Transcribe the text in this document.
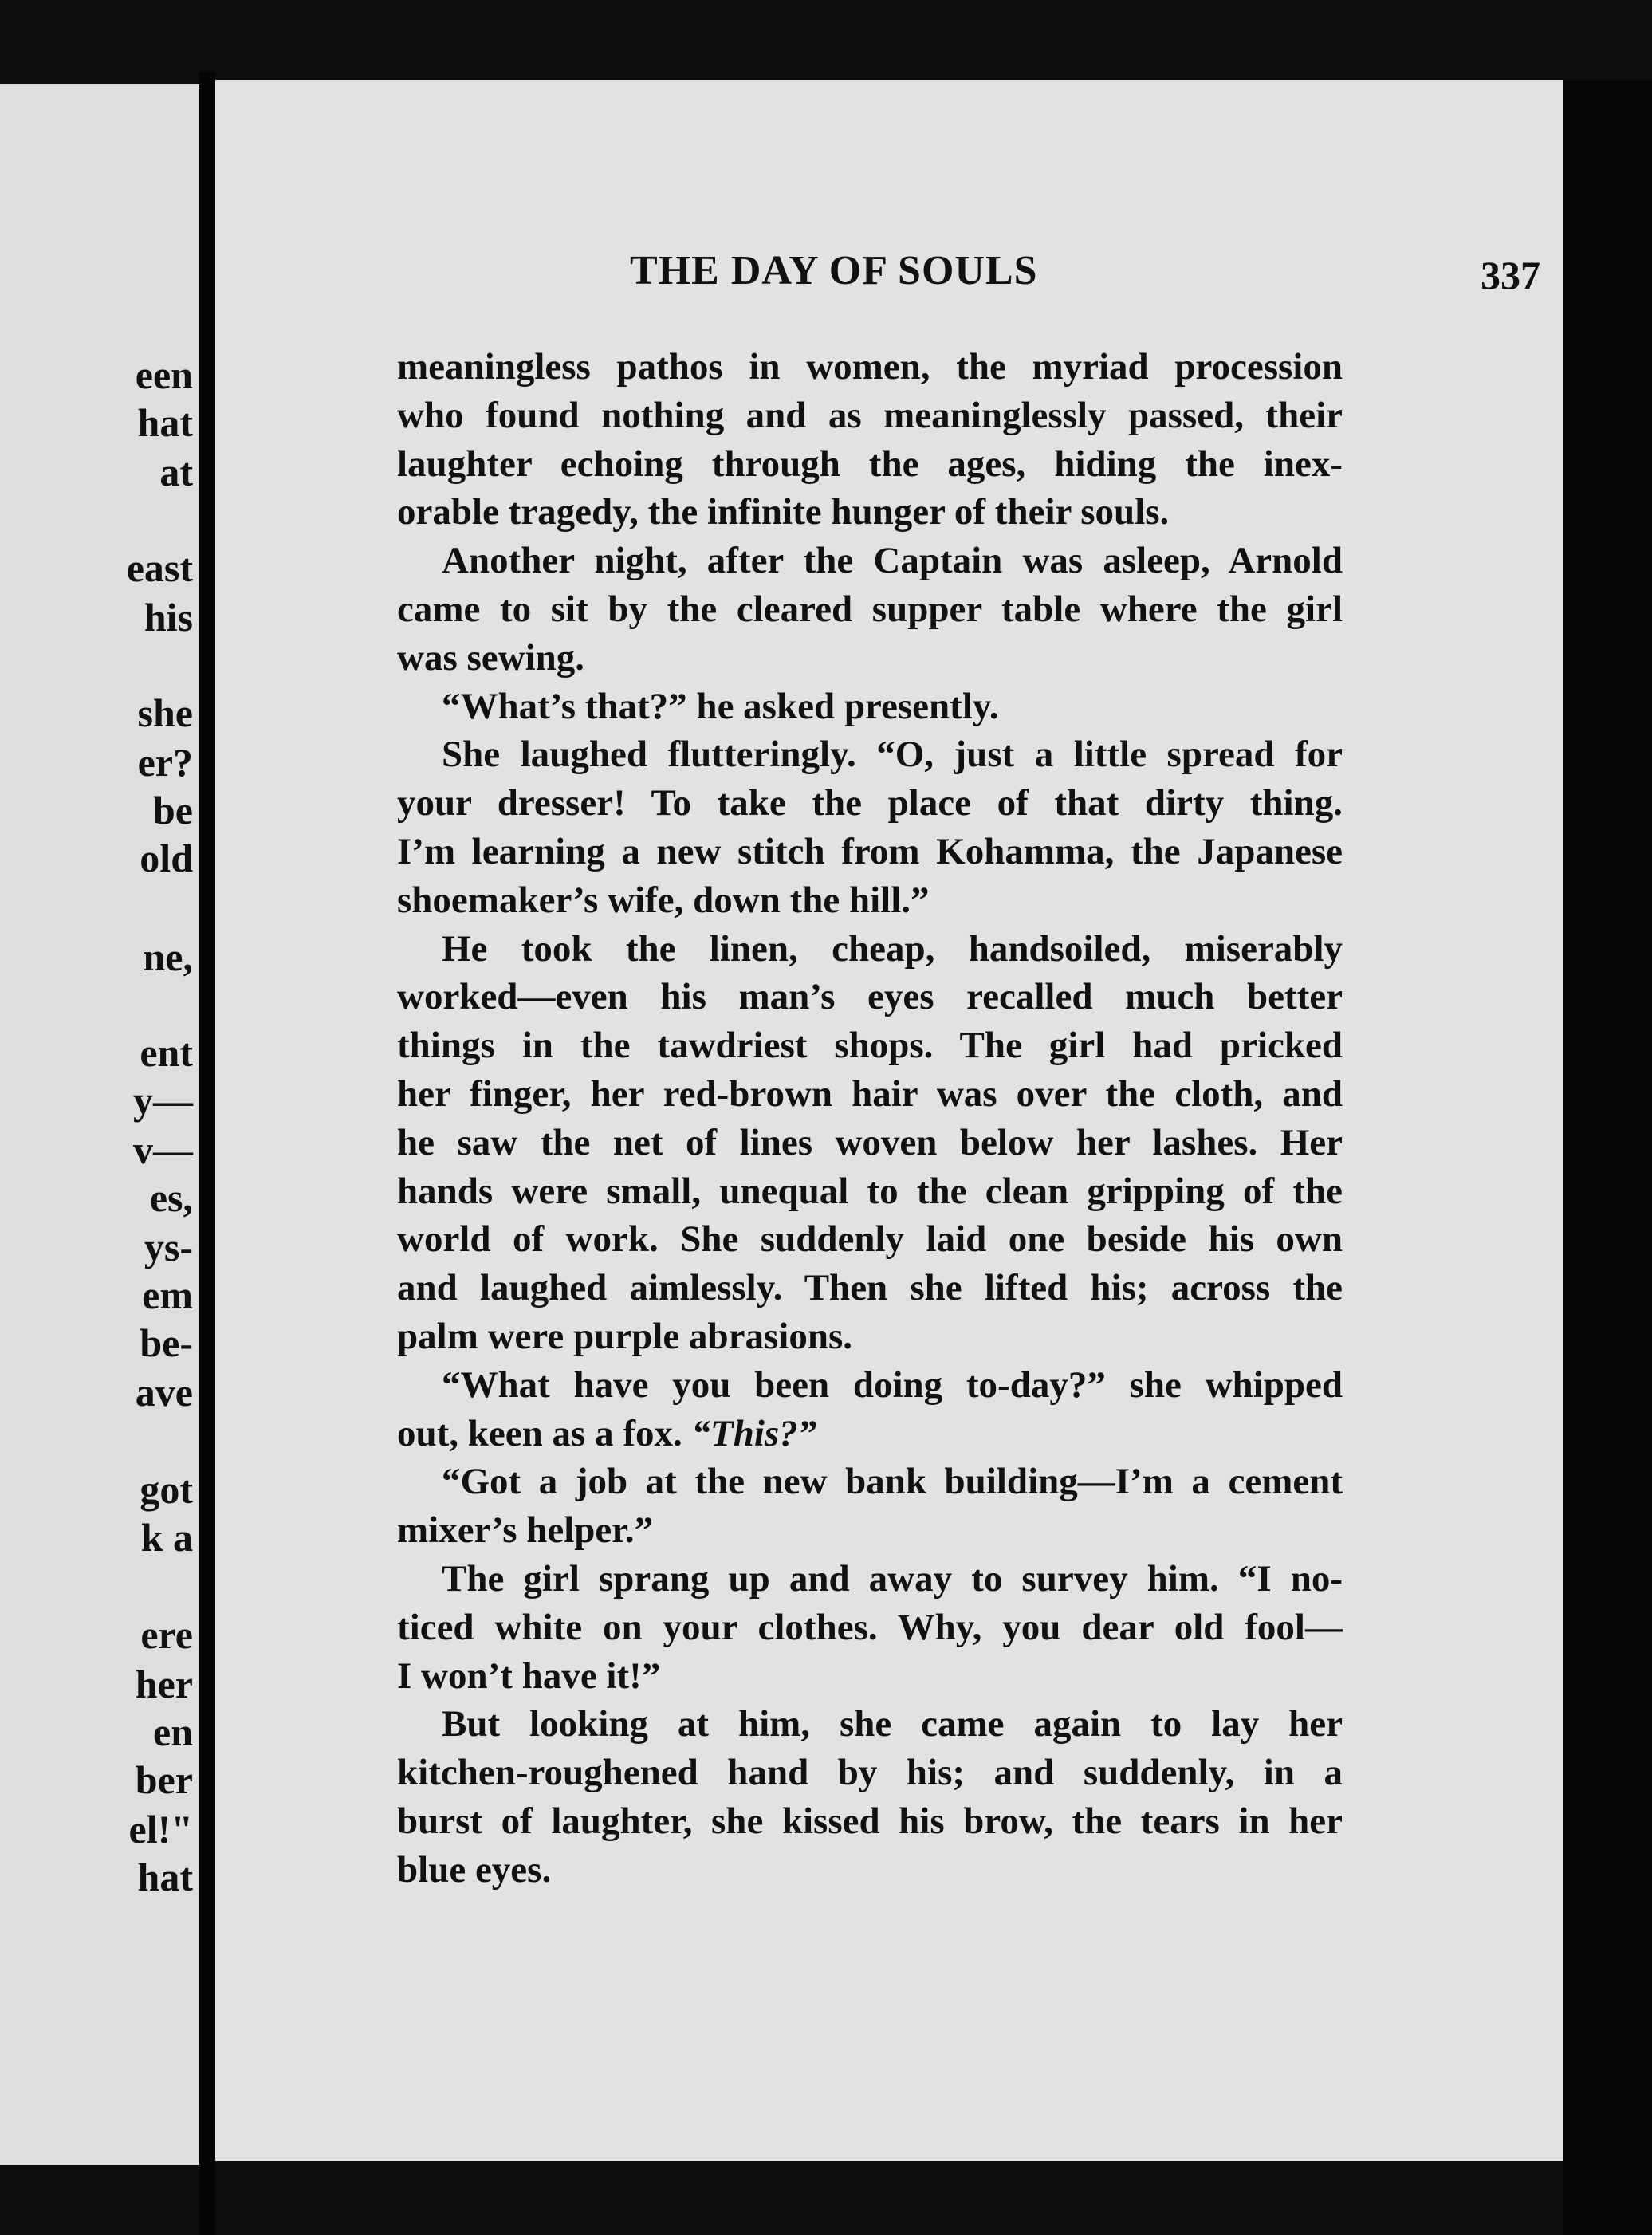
een
hat
at
east
his
she
er?
be
old
ne,
ent
y—
v—
es,
ys-
em
be-
ave
got
k a
ere
her
en
ber
el!"
hat
THE DAY OF SOULS	337
meaningless pathos in women, the myriad procession
who found nothing and as meaninglessly passed, their
laughter echoing through the ages, hiding the inex-
orable tragedy, the infinite hunger of their souls.
Another night, after the Captain was asleep, Arnold
came to sit by the cleared supper table where the girl
was sewing.
“What’s that?” he asked presently.
She laughed flutteringly. “O, just a little spread for
your dresser! To take the place of that dirty thing.
I’m learning a new stitch from Kohamma, the Japanese
shoemaker’s wife, down the hill.”
He took the linen, cheap, handsoiled, miserably
worked—even his man’s eyes recalled much better
things in the tawdriest shops. The girl had pricked
her finger, her red-brown hair was over the cloth, and
he saw the net of lines woven below her lashes. Her
hands were small, unequal to the clean gripping of the
world of work. She suddenly laid one beside his own
and laughed aimlessly. Then she lifted his; across the
palm were purple abrasions.
“What have you been doing to-day?” she whipped
out, keen as a fox. “This?”
“Got a job at the new bank building—I’m a cement
mixer’s helper.”
The girl sprang up and away to survey him. “I no-
ticed white on your clothes. Why, you dear old fool—
I won’t have it!”
But looking at him, she came again to lay her
kitchen-roughened hand by his; and suddenly, in a
burst of laughter, she kissed his brow, the tears in her
blue eyes.
